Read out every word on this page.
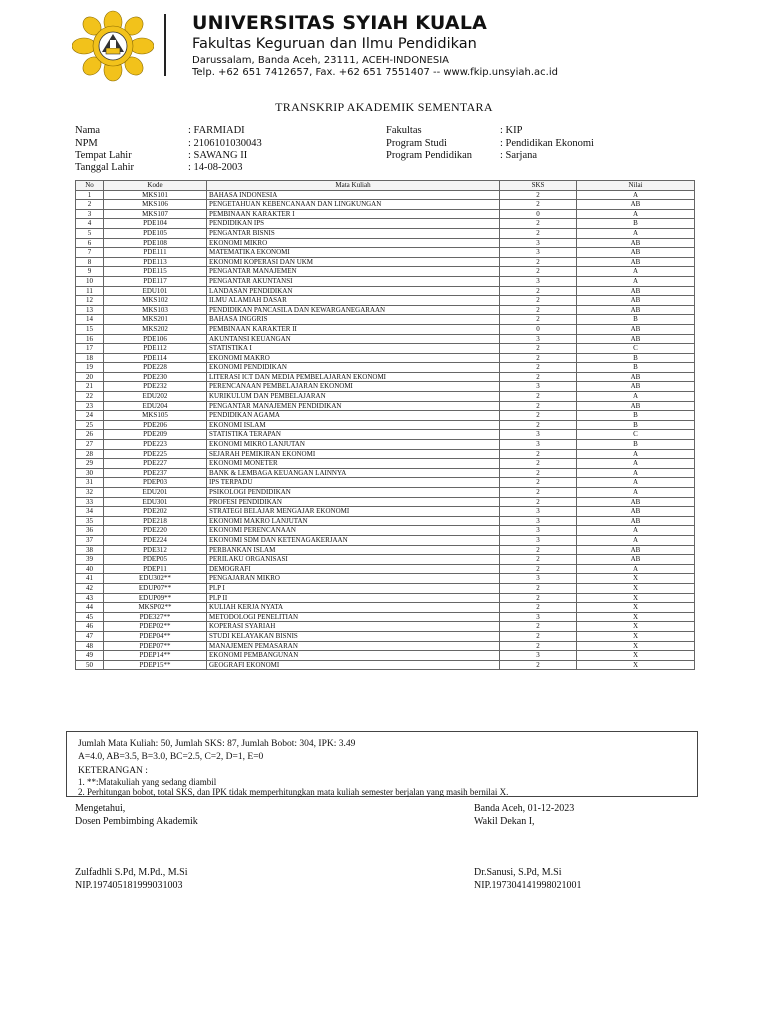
UNIVERSITAS SYIAH KUALA
Fakultas Keguruan dan Ilmu Pendidikan
Darussalam, Banda Aceh, 23111, ACEH-INDONESIA
Telp. +62 651 7412657, Fax. +62 651 7551407 -- www.fkip.unsyiah.ac.id
TRANSKRIP AKADEMIK SEMENTARA
Nama	: FARMIADI
NPM	: 2106101030043
Tempat Lahir	: SAWANG II
Tanggal Lahir	: 14-08-2003
Fakultas	: KIP
Program Studi	: Pendidikan Ekonomi
Program Pendidikan	: Sarjana
No	Kode	Mata Kuliah	SKS	Nilai
1	MKS101	BAHASA INDONESIA	2	A
2	MKS106	PENGETAHUAN KEBENCANAAN DAN LINGKUNGAN	2	AB
3	MKS107	PEMBINAAN KARAKTER I	0	A
4	PDE104	PENDIDIKAN IPS	2	B
5	PDE105	PENGANTAR BISNIS	2	A
6	PDE108	EKONOMI MIKRO	3	AB
7	PDE111	MATEMATIKA EKONOMI	3	AB
8	PDE113	EKONOMI KOPERASI DAN UKM	2	AB
9	PDE115	PENGANTAR MANAJEMEN	2	A
10	PDE117	PENGANTAR AKUNTANSI	3	A
11	EDU101	LANDASAN PENDIDIKAN	2	AB
12	MKS102	ILMU ALAMIAH DASAR	2	AB
13	MKS103	PENDIDIKAN PANCASILA DAN KEWARGANEGARAAN	2	AB
14	MKS201	BAHASA INGGRIS	2	B
15	MKS202	PEMBINAAN KARAKTER II	0	AB
16	PDE106	AKUNTANSI KEUANGAN	3	AB
17	PDE112	STATISTIKA I	2	C
18	PDE114	EKONOMI MAKRO	2	B
19	PDE228	EKONOMI PENDIDIKAN	2	B
20	PDE230	LITERASI ICT DAN MEDIA PEMBELAJARAN EKONOMI	2	AB
21	PDE232	PERENCANAAN PEMBELAJARAN EKONOMI	3	AB
22	EDU202	KURIKULUM DAN PEMBELAJARAN	2	A
23	EDU204	PENGANTAR MANAJEMEN PENDIDIKAN	2	AB
24	MKS105	PENDIDIKAN AGAMA	2	B
25	PDE206	EKONOMI ISLAM	2	B
26	PDE209	STATISTIKA TERAPAN	3	C
27	PDE223	EKONOMI MIKRO LANJUTAN	3	B
28	PDE225	SEJARAH PEMIKIRAN EKONOMI	2	A
29	PDE227	EKONOMI MONETER	2	A
30	PDE237	BANK & LEMBAGA KEUANGAN LAINNYA	2	A
31	PDEP03	IPS TERPADU	2	A
32	EDU201	PSIKOLOGI PENDIDIKAN	2	A
33	EDU301	PROFESI PENDIDIKAN	2	AB
34	PDE202	STRATEGI BELAJAR MENGAJAR EKONOMI	3	AB
35	PDE218	EKONOMI MAKRO LANJUTAN	3	AB
36	PDE220	EKONOMI PERENCANAAN	3	A
37	PDE224	EKONOMI SDM DAN KETENAGAKERJAAN	3	A
38	PDE312	PERBANKAN ISLAM	2	AB
39	PDEP05	PERILAKU ORGANISASI	2	AB
40	PDEP11	DEMOGRAFI	2	A
41	EDU302**	PENGAJARAN MIKRO	3	X
42	EDUP07**	PLP I	2	X
43	EDUP09**	PLP II	2	X
44	MKSP02**	KULIAH KERJA NYATA	2	X
45	PDE327**	METODOLOGI PENELITIAN	3	X
46	PDEP02**	KOPERASI SYARIAH	2	X
47	PDEP04**	STUDI KELAYAKAN BISNIS	2	X
48	PDEP07**	MANAJEMEN PEMASARAN	2	X
49	PDEP14**	EKONOMI PEMBANGUNAN	3	X
50	PDEP15**	GEOGRAFI EKONOMI	2	X
Jumlah Mata Kuliah: 50, Jumlah SKS: 87, Jumlah Bobot: 304, IPK: 3.49
A=4.0, AB=3.5, B=3.0, BC=2.5, C=2, D=1, E=0
KETERANGAN :
1. **:Matakuliah yang sedang diambil
2. Perhitungan bobot, total SKS, dan IPK tidak memperhitungkan mata kuliah semester berjalan yang masih bernilai X.
Mengetahui,
Dosen Pembimbing Akademik
Zulfadhli S.Pd, M.Pd., M.Si
NIP.197405181999031003
Banda Aceh, 01-12-2023
Wakil Dekan I,
Dr.Sanusi, S.Pd, M.Si
NIP.197304141998021001
